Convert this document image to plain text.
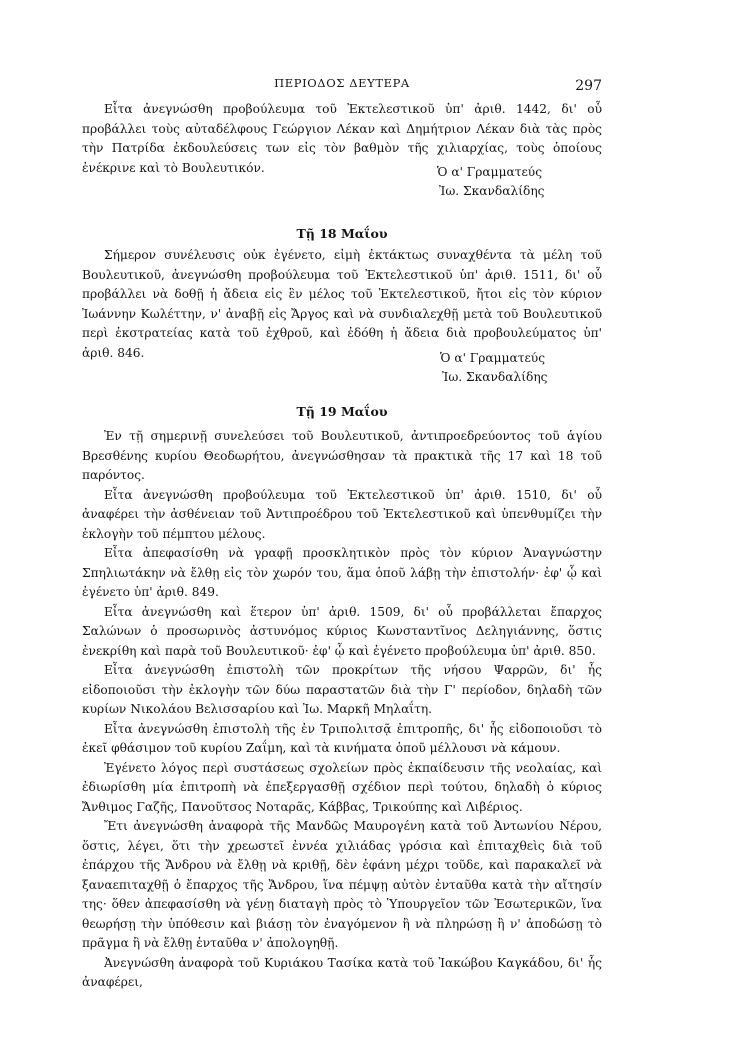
ΠΕΡΙΟΔΟΣ ΔΕΥΤΕΡΑ	297

Εἶτα ἀνεγνώσθη προβούλευμα τοῦ Ἐκτελεστικοῦ ὑπ' ἀριθ. 1442, δι' οὗ προβάλλει τοὺς αὐταδέλφους Γεώργιον Λέκαν καὶ Δημήτριον Λέκαν διὰ τὰς πρὸς τὴν Πατρίδα ἐκδουλεύσεις των εἰς τὸν βαθμὸν τῆς χιλιαρχίας, τοὺς ὁποίους ἐνέκρινε καὶ τὸ Βουλευτικόν.	Ὁ α' Γραμματεύς
Ἰω. Σκανδαλίδης
Τῇ 18 Μαΐου

Σήμερον συνέλευσις οὐκ ἐγένετο, εἰμὴ ἐκτάκτως συναχθέντα τὰ μέλη τοῦ Βουλευτικοῦ, ἀνεγνώσθη προβούλευμα τοῦ Ἐκτελεστικοῦ ὑπ' ἀριθ. 1511, δι' οὗ προβάλλει νὰ δοθῇ ἡ ἄδεια εἰς ἓν μέλος τοῦ Ἐκτελεστικοῦ, ἤτοι εἰς τὸν κύριον Ἰωάννην Κωλέττην, ν' ἀναβῇ εἰς Ἄργος καὶ νὰ συνδιαλεχθῇ μετὰ τοῦ Βουλευτικοῦ περὶ ἐκστρατείας κατὰ τοῦ ἐχθροῦ, καὶ ἐδόθη ἡ ἄδεια διὰ προβουλεύματος ὑπ' ἀριθ. 846.	Ὁ α' Γραμματεύς
Ἰω. Σκανδαλίδης
Τῇ 19 Μαΐου

Ἐν τῇ σημερινῇ συνελεύσει τοῦ Βουλευτικοῦ, ἀντιπροεδρεύοντος τοῦ ἁγίου Βρεσθένης κυρίου Θεοδωρήτου, ἀνεγνώσθησαν τὰ πρακτικὰ τῆς 17 καὶ 18 τοῦ παρόντος.

Εἶτα ἀνεγνώσθη προβούλευμα τοῦ Ἐκτελεστικοῦ ὑπ' ἀριθ. 1510, δι' οὗ ἀναφέρει τὴν ἀσθένειαν τοῦ Ἀντιπροέδρου τοῦ Ἐκτελεστικοῦ καὶ ὑπενθυμίζει τὴν ἐκλογὴν τοῦ πέμπτου μέλους.

Εἶτα ἀπεφασίσθη νὰ γραφῇ προσκλητικὸν πρὸς τὸν κύριον Ἀναγνώστην Σπηλιωτάκην νὰ ἔλθῃ εἰς τὸν χωρόν του, ἅμα ὁποῦ λάβῃ τὴν ἐπιστολήν· ἐφ' ᾧ καὶ ἐγένετο ὑπ' ἀριθ. 849.

Εἶτα ἀνεγνώσθη καὶ ἕτερον ὑπ' ἀριθ. 1509, δι' οὗ προβάλλεται ἔπαρχος Σαλώνων ὁ προσωρινὸς ἀστυνόμος κύριος Κωνσταντῖνος Δεληγιάννης, ὅστις ἐνεκρίθη καὶ παρὰ τοῦ Βουλευτικοῦ· ἐφ' ᾧ καὶ ἐγένετο προβούλευμα ὑπ' ἀριθ. 850.

Εἶτα ἀνεγνώσθη ἐπιστολὴ τῶν προκρίτων τῆς νήσου Ψαρρῶν, δι' ἧς εἰδοποιοῦσι τὴν ἐκλογὴν τῶν δύω παραστατῶν διὰ τὴν Γ' περίοδον, δηλαδὴ τῶν κυρίων Νικολάου Βελισσαρίου καὶ Ἰω. Μαρκῆ Μηλαΐτη.

Εἶτα ἀνεγνώσθη ἐπιστολὴ τῆς ἐν Τριπολιτσᾷ ἐπιτροπῆς, δι' ἧς εἰδοποιοῦσι τὸ ἐκεῖ φθάσιμον τοῦ κυρίου Ζαΐμη, καὶ τὰ κινήματα ὁποῦ μέλλουσι νὰ κάμουν.

Ἐγένετο λόγος περὶ συστάσεως σχολείων πρὸς ἐκπαίδευσιν τῆς νεολαίας, καὶ ἐδιωρίσθη μία ἐπιτροπὴ νὰ ἐπεξεργασθῇ σχέδιον περὶ τούτου, δηλαδὴ ὁ κύριος Ἄνθιμος Γαζῆς, Πανοῦτσος Νοταρᾶς, Κάββας, Τρικούπης καὶ Λιβέριος.

Ἔτι ἀνεγνώσθη ἀναφορὰ τῆς Μανδῶς Μαυρογένη κατὰ τοῦ Ἀντωνίου Νέρου, ὅστις, λέγει, ὅτι τὴν χρεωστεῖ ἐννέα χιλιάδας γρόσια καὶ ἐπιταχθεὶς διὰ τοῦ ἐπάρχου τῆς Ἄνδρου νὰ ἔλθῃ νὰ κριθῇ, δὲν ἐφάνη μέχρι τοῦδε, καὶ παρακαλεῖ νὰ ξαναεπιταχθῇ ὁ ἔπαρχος τῆς Ἄνδρου, ἵνα πέμψῃ αὐτὸν ἐνταῦθα κατὰ τὴν αἴτησίν της· ὅθεν ἀπεφασίσθη νὰ γένῃ διαταγὴ πρὸς τὸ Ὑπουργεῖον τῶν Ἐσωτερικῶν, ἵνα θεωρήσῃ τὴν ὑπόθεσιν καὶ βιάσῃ τὸν ἐναγόμενον ἢ νὰ πληρώσῃ ἢ ν' ἀποδώσῃ τὸ πρᾶγμα ἢ νὰ ἔλθῃ ἐνταῦθα ν' ἀπολογηθῇ.

Ἀνεγνώσθη ἀναφορὰ τοῦ Κυριάκου Τασίκα κατὰ τοῦ Ἰακώβου Καγκάδου, δι' ἧς ἀναφέρει,
